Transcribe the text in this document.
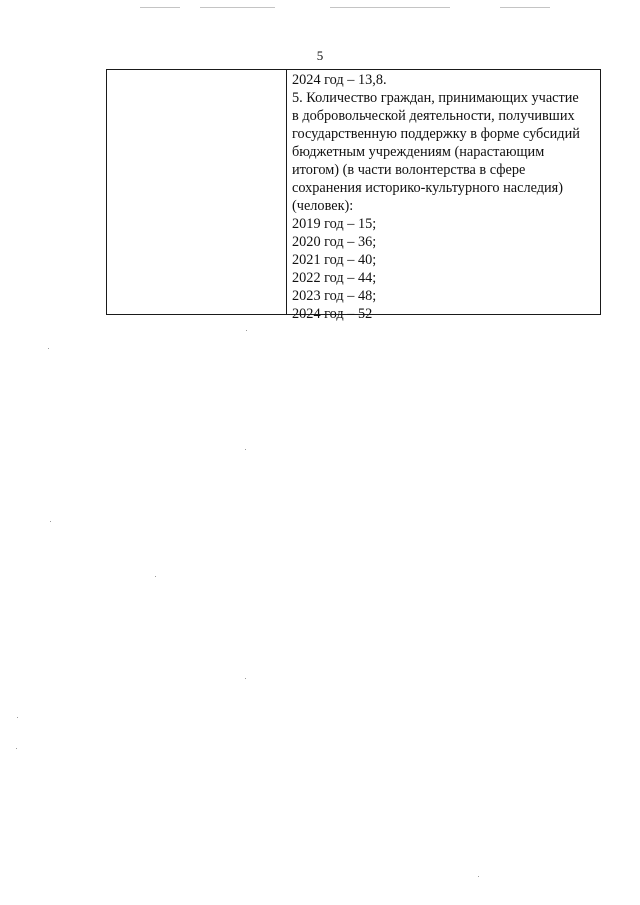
5
2024 год – 13,8.
5. Количество граждан, принимающих участие
в добровольческой деятельности, получивших
государственную поддержку в форме субсидий
бюджетным учреждениям (нарастающим
итогом) (в части волонтерства в сфере
сохранения историко-культурного наследия)
(человек):
2019 год – 15;
2020 год – 36;
2021 год – 40;
2022 год – 44;
2023 год – 48;
2024 год – 52
